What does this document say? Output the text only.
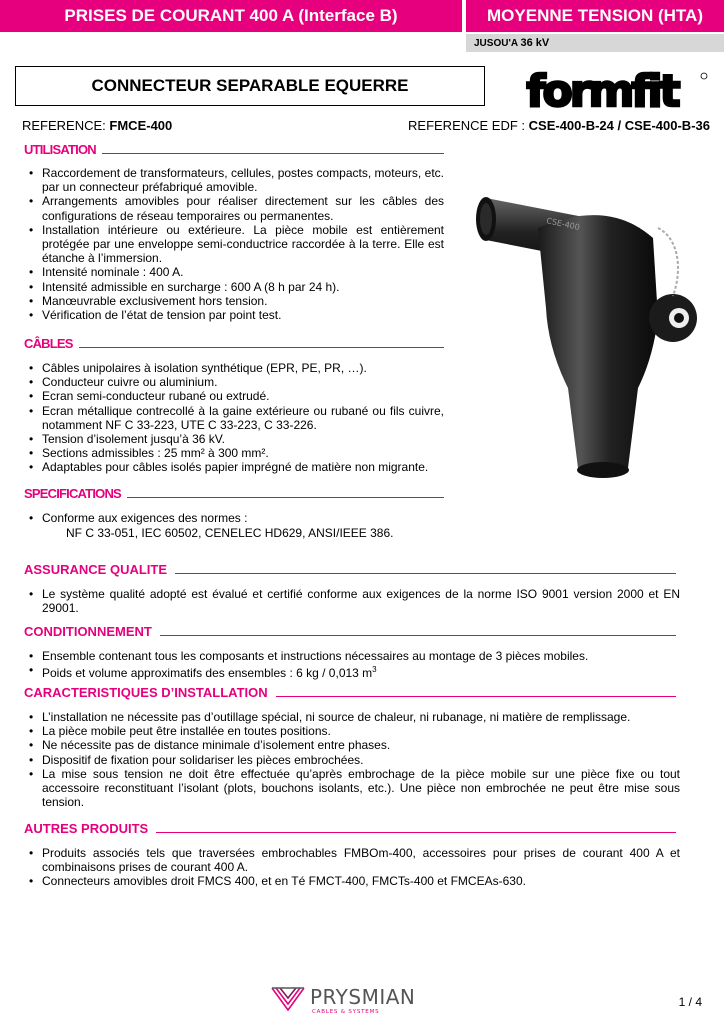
PRISES DE COURANT 400 A (Interface B)	MOYENNE TENSION (HTA)
JUSOU'A 36 kV
CONNECTEUR SEPARABLE EQUERRE	formfit
REFERENCE: FMCE-400	REFERENCE EDF : CSE-400-B-24 / CSE-400-B-36
UTILISATION
• Raccordement de transformateurs, cellules, postes compacts, moteurs, etc. par un connecteur préfabriqué amovible.
• Arrangements amovibles pour réaliser directement sur les câbles des configurations de réseau temporaires ou permanentes.
• Installation intérieure ou extérieure. La pièce mobile est entièrement protégée par une enveloppe semi-conductrice raccordée à la terre. Elle est étanche à l’immersion.
• Intensité nominale : 400 A.
• Intensité admissible en surcharge : 600 A (8 h par 24 h).
• Manœuvrable exclusivement hors tension.
• Vérification de l’état de tension par point test.
CÂBLES
• Câbles unipolaires à isolation synthétique (EPR, PE, PR, …).
• Conducteur cuivre ou aluminium.
• Ecran semi-conducteur rubané ou extrudé.
• Ecran métallique contrecollé à la gaine extérieure ou rubané ou fils cuivre, notamment NF C 33-223, UTE C 33-223, C 33-226.
• Tension d’isolement jusqu’à 36 kV.
• Sections admissibles : 25 mm² à 300 mm².
• Adaptables pour câbles isolés papier imprégné de matière non migrante.
SPECIFICATIONS
• Conforme aux exigences des normes :
NF C 33-051, IEC 60502, CENELEC HD629, ANSI/IEEE 386.
CSE-400
ASSURANCE QUALITE
• Le système qualité adopté est évalué et certifié conforme aux exigences de la norme ISO 9001 version 2000 et EN 29001.
CONDITIONNEMENT
• Ensemble contenant tous les composants et instructions nécessaires au montage de 3 pièces mobiles.
• Poids et volume approximatifs des ensembles : 6 kg / 0,013 $m^3$
CARACTERISTIQUES D’INSTALLATION
• L’installation ne nécessite pas d’outillage spécial, ni source de chaleur, ni rubanage, ni matière de remplissage.
• La pièce mobile peut être installée en toutes positions.
• Ne nécessite pas de distance minimale d’isolement entre phases.
• Dispositif de fixation pour solidariser les pièces embrochées.
• La mise sous tension ne doit être effectuée qu’après embrochage de la pièce mobile sur une pièce fixe ou tout accessoire reconstituant l’isolant (plots, bouchons isolants, etc.). Une pièce non embrochée ne peut être mise sous tension.
AUTRES PRODUITS
• Produits associés tels que traversées embrochables FMBOm-400, accessoires pour prises de courant 400 A et combinaisons prises de courant 400 A.
• Connecteurs amovibles droit FMCS 400, et en Té FMCT-400, FMCTs-400 et FMCEAs-630.
PRYSMIAN
CABLES & SYSTEMS
1 / 4
